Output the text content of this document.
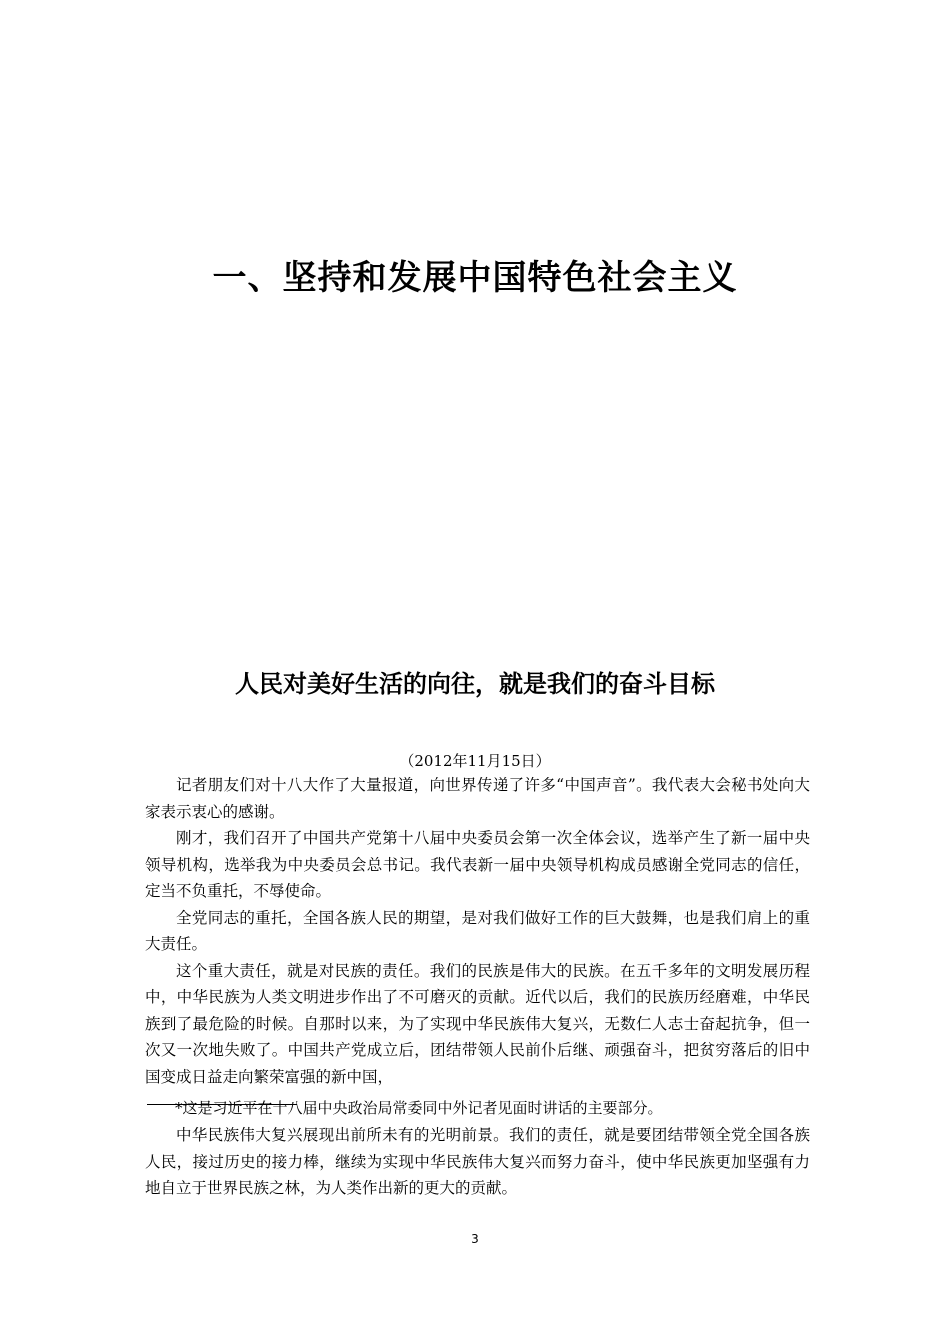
一、坚持和发展中国特色社会主义
人民对美好生活的向往，就是我们的奋斗目标
（2012年11月15日）

记者朋友们对十八大作了大量报道，向世界传递了许多“中国声音”。我代表大会秘书处向大家表示衷心的感谢。

刚才，我们召开了中国共产党第十八届中央委员会第一次全体会议，选举产生了新一届中央领导机构，选举我为中央委员会总书记。我代表新一届中央领导机构成员感谢全党同志的信任，定当不负重托，不辱使命。

全党同志的重托，全国各族人民的期望，是对我们做好工作的巨大鼓舞，也是我们肩上的重大责任。

这个重大责任，就是对民族的责任。我们的民族是伟大的民族。在五千多年的文明发展历程中，中华民族为人类文明进步作出了不可磨灭的贡献。近代以后，我们的民族历经磨难，中华民族到了最危险的时候。自那时以来，为了实现中华民族伟大复兴，无数仁人志士奋起抗争，但一次又一次地失败了。中国共产党成立后，团结带领人民前仆后继、顽强奋斗，把贫穷落后的旧中国变成日益走向繁荣富强的新中国，

*这是习近平在十八届中央政治局常委同中外记者见面时讲话的主要部分。

中华民族伟大复兴展现出前所未有的光明前景。我们的责任，就是要团结带领全党全国各族人民，接过历史的接力棒，继续为实现中华民族伟大复兴而努力奋斗，使中华民族更加坚强有力地自立于世界民族之林，为人类作出新的更大的贡献。

3
